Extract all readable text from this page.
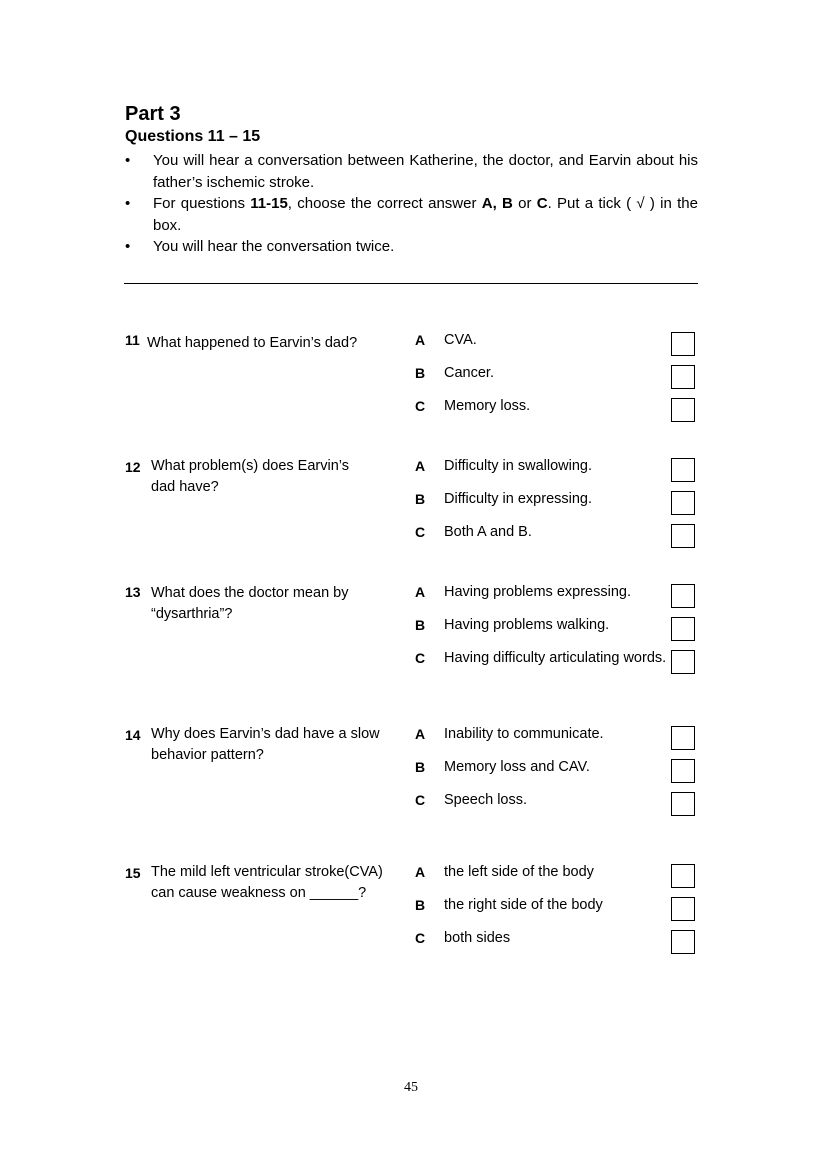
Part 3
Questions 11 – 15
• You will hear a conversation between Katherine, the doctor, and Earvin about his father’s ischemic stroke.
• For questions 11-15, choose the correct answer A, B or C. Put a tick ( √ ) in the box.
• You will hear the conversation twice.
11 What happened to Earvin’s dad?	A CVA.
B Cancer.
C Memory loss.
12 What problem(s) does Earvin’s dad have?
A Difficulty in swallowing.
B Difficulty in expressing.
C Both A and B.
13 What does the doctor mean by “dysarthria”?
A Having problems expressing.
B Having problems walking.
C Having difficulty articulating words.
14 Why does Earvin’s dad have a slow behavior pattern?
A Inability to communicate.
B Memory loss and CAV.
C Speech loss.
15 The mild left ventricular stroke(CVA) can cause weakness on ______?
A the left side of the body
B the right side of the body
C both sides
45
